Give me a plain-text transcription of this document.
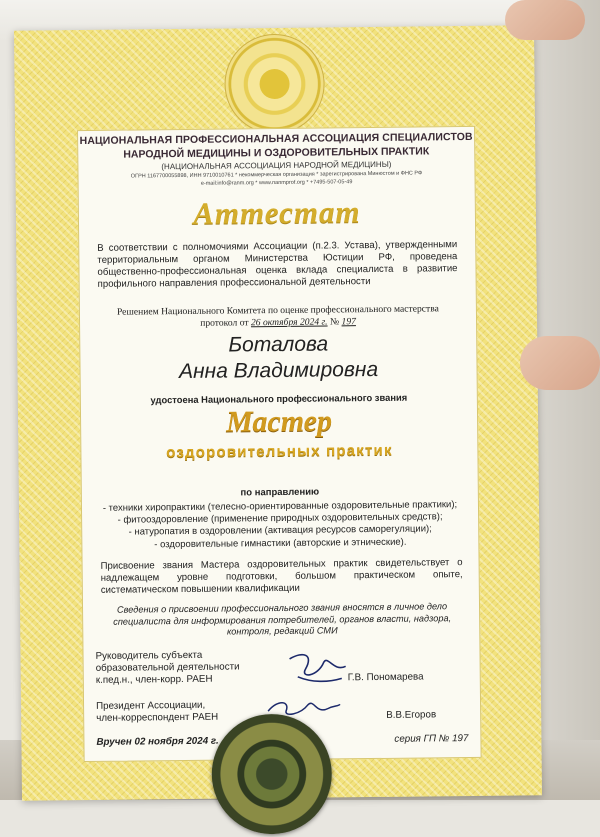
НАЦИОНАЛЬНАЯ ПРОФЕССИОНАЛЬНАЯ АССОЦИАЦИЯ СПЕЦИАЛИСТОВ

НАРОДНОЙ МЕДИЦИНЫ И ОЗДОРОВИТЕЛЬНЫХ ПРАКТИК

(НАЦИОНАЛЬНАЯ АССОЦИАЦИЯ НАРОДНОЙ МЕДИЦИНЫ)

ОГРН 1167700055898, ИНН 9710010761 * некоммерческая организация * зарегистрирована Минюстом и ФНС РФ

e-mail:info@ranm.org * www.nanmprof.org * +7495-507-05-49

Аттестат

В соответствии с полномочиями Ассоциации (п.2.3. Устава), утвержденными территориальным органом Министерства Юстиции РФ, проведена общественно-профессиональная оценка вклада специалиста в развитие профильного направления профессиональной деятельности

Решением Национального Комитета по оценке профессионального мастерства

протокол от 26 октября 2024 г. № 197

Боталова

Анна Владимировна

удостоена Национального профессионального звания

Мастер

оздоровительных практик

по направлению

- техники хиропрактики (телесно-ориентированные оздоровительные практики);
- фитооздоровление (применение природных оздоровительных средств);
- натуропатия в оздоровлении (активация ресурсов саморегуляции);
- оздоровительные гимнастики (авторские и этнические).

Присвоение звания Мастера оздоровительных практик свидетельствует о надлежащем уровне подготовки, большом практическом опыте, систематическом повышении квалификации

Сведения о присвоении профессионального звания вносятся в личное дело специалиста для информирования потребителей, органов власти, надзора, контроля, редакций СМИ

Руководитель субъекта
образовательной деятельности
к.пед.н., член-корр. РАЕН	Г.В. Пономарева

Президент Ассоциации,
член-корреспондент РАЕН	В.В.Егоров

Вручен 02 ноября 2024 г.	серия ГП № 197
